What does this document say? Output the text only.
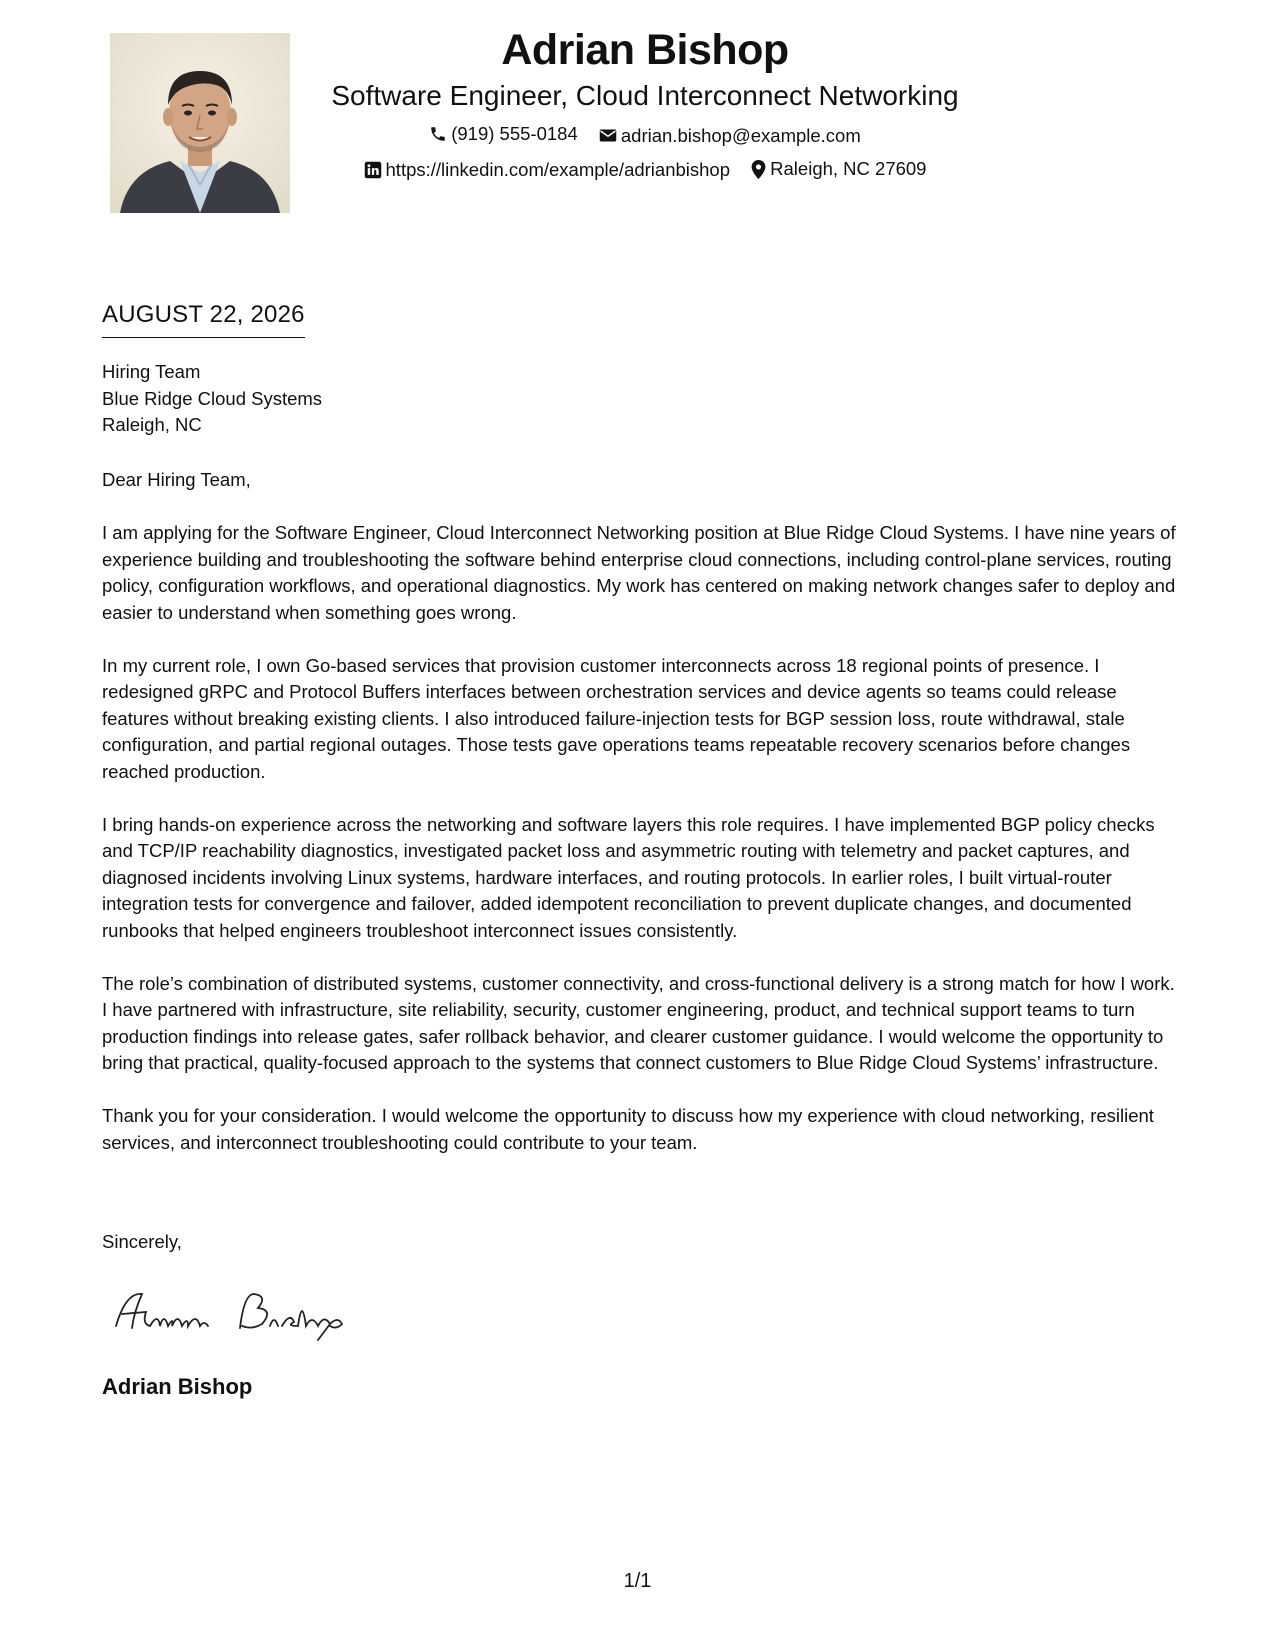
Adrian Bishop
Software Engineer, Cloud Interconnect Networking
(919) 555-0184
adrian.bishop@example.com
https://linkedin.com/example/adrianbishop
Raleigh, NC 27609
AUGUST 22, 2026
Hiring Team
Blue Ridge Cloud Systems
Raleigh, NC

Dear Hiring Team,

I am applying for the Software Engineer, Cloud Interconnect Networking position at Blue Ridge Cloud Systems. I have nine years of experience building and troubleshooting the software behind enterprise cloud connections, including control-plane services, routing policy, configuration workflows, and operational diagnostics. My work has centered on making network changes safer to deploy and easier to understand when something goes wrong.

In my current role, I own Go-based services that provision customer interconnects across 18 regional points of presence. I redesigned gRPC and Protocol Buffers interfaces between orchestration services and device agents so teams could release features without breaking existing clients. I also introduced failure-injection tests for BGP session loss, route withdrawal, stale configuration, and partial regional outages. Those tests gave operations teams repeatable recovery scenarios before changes reached production.

I bring hands-on experience across the networking and software layers this role requires. I have implemented BGP policy checks and TCP/IP reachability diagnostics, investigated packet loss and asymmetric routing with telemetry and packet captures, and diagnosed incidents involving Linux systems, hardware interfaces, and routing protocols. In earlier roles, I built virtual-router integration tests for convergence and failover, added idempotent reconciliation to prevent duplicate changes, and documented runbooks that helped engineers troubleshoot interconnect issues consistently.

The role’s combination of distributed systems, customer connectivity, and cross-functional delivery is a strong match for how I work. I have partnered with infrastructure, site reliability, security, customer engineering, product, and technical support teams to turn production findings into release gates, safer rollback behavior, and clearer customer guidance. I would welcome the opportunity to bring that practical, quality-focused approach to the systems that connect customers to Blue Ridge Cloud Systems’ infrastructure.

Thank you for your consideration. I would welcome the opportunity to discuss how my experience with cloud networking, resilient services, and interconnect troubleshooting could contribute to your team.

Sincerely,
Adrian Bishop
1/1
